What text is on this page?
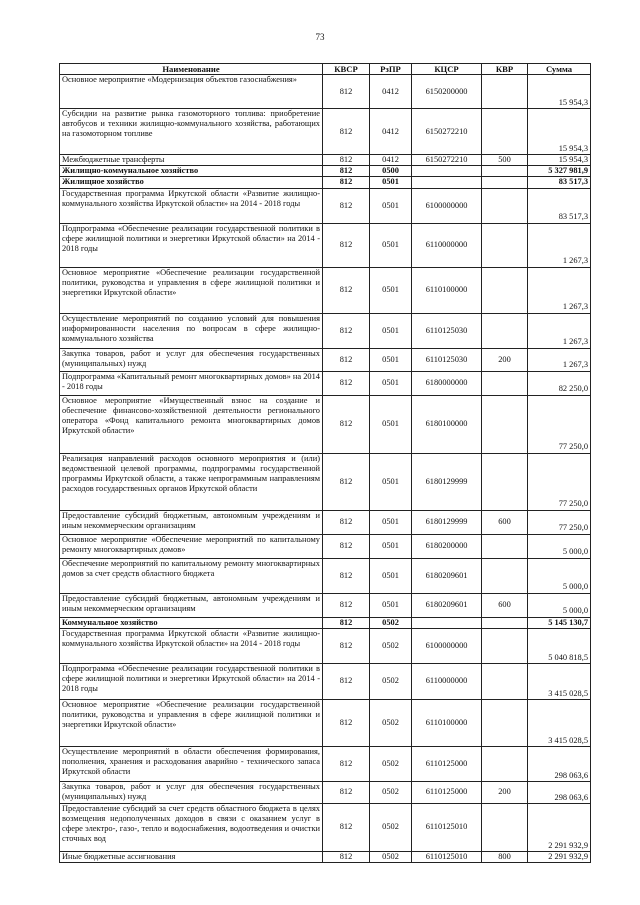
73
Наименование	КВСР	РзПР	КЦСР	КВР	Сумма
Основное мероприятие «Модернизация объектов газоснабжения»	812	0412	6150200000		15 954,3
Субсидии на развитие рынка газомоторного топлива: приобретение автобусов и техники жилищно-коммунального хозяйства, работающих на газомоторном топливе	812	0412	6150272210		15 954,3
Межбюджетные трансферты	812	0412	6150272210	500	15 954,3
Жилищно-коммунальное хозяйство	812	0500			5 327 981,9
Жилищное хозяйство	812	0501			83 517,3
Государственная программа Иркутской области «Развитие жилищно-коммунального хозяйства Иркутской области» на 2014 - 2018 годы	812	0501	6100000000		83 517,3
Подпрограмма «Обеспечение реализации государственной политики в сфере жилищной политики и энергетики Иркутской области» на 2014 - 2018 годы	812	0501	6110000000		1 267,3
Основное мероприятие «Обеспечение реализации государственной политики, руководства и управления в сфере жилищной политики и энергетики Иркутской области»	812	0501	6110100000		1 267,3
Осуществление мероприятий по созданию условий для повышения информированности населения по вопросам в сфере жилищно-коммунального хозяйства	812	0501	6110125030		1 267,3
Закупка товаров, работ и услуг для обеспечения государственных (муниципальных) нужд	812	0501	6110125030	200	1 267,3
Подпрограмма «Капитальный ремонт многоквартирных домов» на 2014 - 2018 годы	812	0501	6180000000		82 250,0
Основное мероприятие «Имущественный взнос на создание и обеспечение финансово-хозяйственной деятельности регионального оператора «Фонд капитального ремонта многоквартирных домов Иркутской области»	812	0501	6180100000		77 250,0
Реализация направлений расходов основного мероприятия и (или) ведомственной целевой программы, подпрограммы государственной программы Иркутской области, а также непрограммным направлениям расходов государственных органов Иркутской области	812	0501	6180129999		77 250,0
Предоставление субсидий бюджетным, автономным учреждениям и иным некоммерческим организациям	812	0501	6180129999	600	77 250,0
Основное мероприятие «Обеспечение мероприятий по капитальному ремонту многоквартирных домов»	812	0501	6180200000		5 000,0
Обеспечение мероприятий по капитальному ремонту многоквартирных домов за счет средств областного бюджета	812	0501	6180209601		5 000,0
Предоставление субсидий бюджетным, автономным учреждениям и иным некоммерческим организациям	812	0501	6180209601	600	5 000,0
Коммунальное хозяйство	812	0502			5 145 130,7
Государственная программа Иркутской области «Развитие жилищно-коммунального хозяйства Иркутской области» на 2014 - 2018 годы	812	0502	6100000000		5 040 818,5
Подпрограмма «Обеспечение реализации государственной политики в сфере жилищной политики и энергетики Иркутской области» на 2014 - 2018 годы	812	0502	6110000000		3 415 028,5
Основное мероприятие «Обеспечение реализации государственной политики, руководства и управления в сфере жилищной политики и энергетики Иркутской области»	812	0502	6110100000		3 415 028,5
Осуществление мероприятий в области обеспечения формирования, пополнения, хранения и расходования аварийно - технического запаса Иркутской области	812	0502	6110125000		298 063,6
Закупка товаров, работ и услуг для обеспечения государственных (муниципальных) нужд	812	0502	6110125000	200	298 063,6
Предоставление субсидий за счет средств областного бюджета в целях возмещения недополученных доходов в связи с оказанием услуг в сфере электро-, газо-, тепло и водоснабжения, водоотведения и очистки сточных вод	812	0502	6110125010		2 291 932,9
Иные бюджетные ассигнования	812	0502	6110125010	800	2 291 932,9
